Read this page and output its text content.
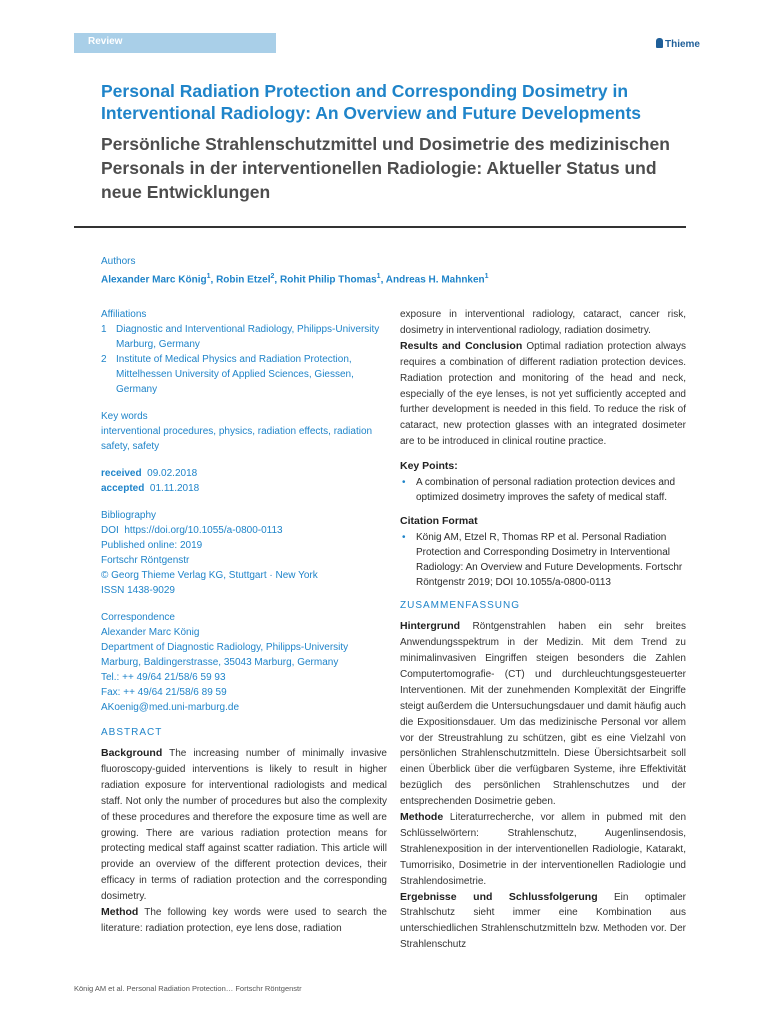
Review	Thieme
Personal Radiation Protection and Corresponding Dosimetry in Interventional Radiology: An Overview and Future Developments
Persönliche Strahlenschutzmittel und Dosimetrie des medizinischen Personals in der interventionellen Radiologie: Aktueller Status und neue Entwicklungen
Authors
Alexander Marc König$^1$, Robin Etzel$^2$, Rohit Philip Thomas$^1$, Andreas H. Mahnken$^1$
Affiliations
1 Diagnostic and Interventional Radiology, Philipps-University Marburg, Germany
2 Institute of Medical Physics and Radiation Protection, Mittelhessen University of Applied Sciences, Giessen, Germany
Key words
interventional procedures, physics, radiation effects, radiation safety, safety
received 09.02.2018
accepted 01.11.2018
Bibliography
DOI https://doi.org/10.1055/a-0800-0113
Published online: 2019
Fortschr Röntgenstr
© Georg Thieme Verlag KG, Stuttgart · New York
ISSN 1438-9029
Correspondence
Alexander Marc König
Department of Diagnostic Radiology, Philipps-University Marburg, Baldingerstrasse, 35043 Marburg, Germany
Tel.: ++ 49/64 21/58/6 59 93
Fax: ++ 49/64 21/58/6 89 59
AKoenig@med.uni-marburg.de
ABSTRACT

Background The increasing number of minimally invasive fluoroscopy-guided interventions is likely to result in higher radiation exposure for interventional radiologists and medical staff. Not only the number of procedures but also the complexity of these procedures and therefore the exposure time as well are growing. There are various radiation protection means for protecting medical staff against scatter radiation. This article will provide an overview of the different protection devices, their efficacy in terms of radiation protection and the corresponding dosimetry.

Method The following key words were used to search the literature: radiation protection, eye lens dose, radiation

exposure in interventional radiology, cataract, cancer risk, dosimetry in interventional radiology, radiation dosimetry.

Results and Conclusion Optimal radiation protection always requires a combination of different radiation protection devices. Radiation protection and monitoring of the head and neck, especially of the eye lenses, is not yet sufficiently accepted and further development is needed in this field. To reduce the risk of cataract, new protection glasses with an integrated dosimeter are to be introduced in clinical routine practice.

Key Points:
•	A combination of personal radiation protection devices and optimized dosimetry improves the safety of medical staff.
Citation Format
•	König AM, Etzel R, Thomas RP et al. Personal Radiation Protection and Corresponding Dosimetry in Interventional Radiology: An Overview and Future Developments. Fortschr Röntgenstr 2019; DOI 10.1055/a-0800-0113
ZUSAMMENFASSUNG

Hintergrund Röntgenstrahlen haben ein sehr breites Anwendungsspektrum in der Medizin. Mit dem Trend zu minimalinvasiven Eingriffen steigen besonders die Zahlen Computertomografie- (CT) und durchleuchtungsgesteuerter Interventionen. Mit der zunehmenden Komplexität der Eingriffe steigt außerdem die Untersuchungsdauer und damit häufig auch die Expositionsdauer. Um das medizinische Personal vor allem vor der Streustrahlung zu schützen, gibt es eine Vielzahl von persönlichen Strahlenschutzmitteln. Diese Übersichtsarbeit soll einen Überblick über die verfügbaren Systeme, ihre Effektivität bezüglich des persönlichen Strahlenschutzes und der entsprechenden Dosimetrie geben.

Methode Literaturrecherche, vor allem in pubmed mit den Schlüsselwörtern: Strahlenschutz, Augenlinsendosis, Strahlenexposition in der interventionellen Radiologie, Katarakt, Tumorrisiko, Dosimetrie in der interventionellen Radiologie und Strahlendosimetrie.

Ergebnisse und Schlussfolgerung Ein optimaler Strahlschutz sieht immer eine Kombination aus unterschiedlichen Strahlenschutzmitteln bzw. Methoden vor. Der Strahlenschutz

König AM et al. Personal Radiation Protection… Fortschr Röntgenstr
